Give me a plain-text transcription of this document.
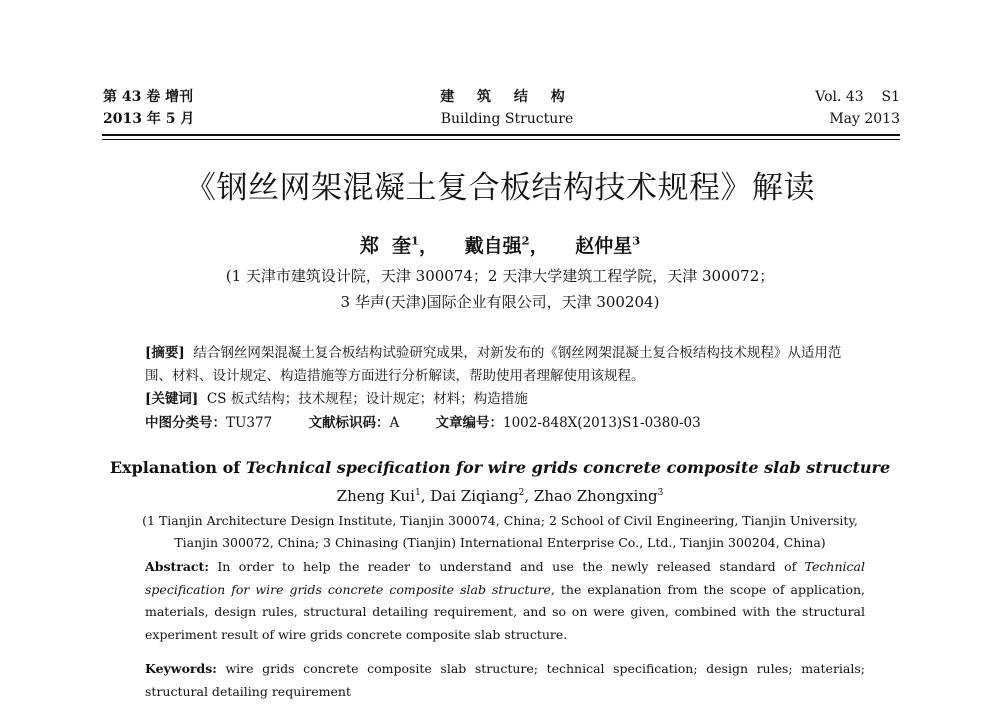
第 43 卷 增刊
2013 年 5 月
建 筑 结 构
Building Structure
Vol. 43    S1
May 2013
《钢丝网架混凝土复合板结构技术规程》解读
郑  奎$^1$， 戴自强$^2$， 赵仲星$^3$
(1 天津市建筑设计院，天津 300074；2 天津大学建筑工程学院，天津 300072；
3 华声(天津)国际企业有限公司，天津 300204)
[摘要] 结合钢丝网架混凝土复合板结构试验研究成果，对新发布的《钢丝网架混凝土复合板结构技术规程》从适用范围、材料、设计规定、构造措施等方面进行分析解读，帮助使用者理解使用该规程。
[关键词] CS 板式结构；技术规程；设计规定；材料；构造措施
中图分类号：TU377	文献标识码：A	文章编号：1002-848X(2013)S1-0380-03
Explanation of Technical specification for wire grids concrete composite slab structure
Zheng Kui$^1$, Dai Ziqiang$^2$, Zhao Zhongxing$^3$
(1 Tianjin Architecture Design Institute, Tianjin 300074, China; 2 School of Civil Engineering, Tianjin University,
Tianjin 300072, China; 3 Chinasing (Tianjin) International Enterprise Co., Ltd., Tianjin 300204, China)
Abstract: In order to help the reader to understand and use the newly released standard of Technical specification for wire grids concrete composite slab structure, the explanation from the scope of application, materials, design rules, structural detailing requirement, and so on were given, combined with the structural experiment result of wire grids concrete composite slab structure.
Keywords: wire grids concrete composite slab structure; technical specification; design rules; materials; structural detailing requirement
